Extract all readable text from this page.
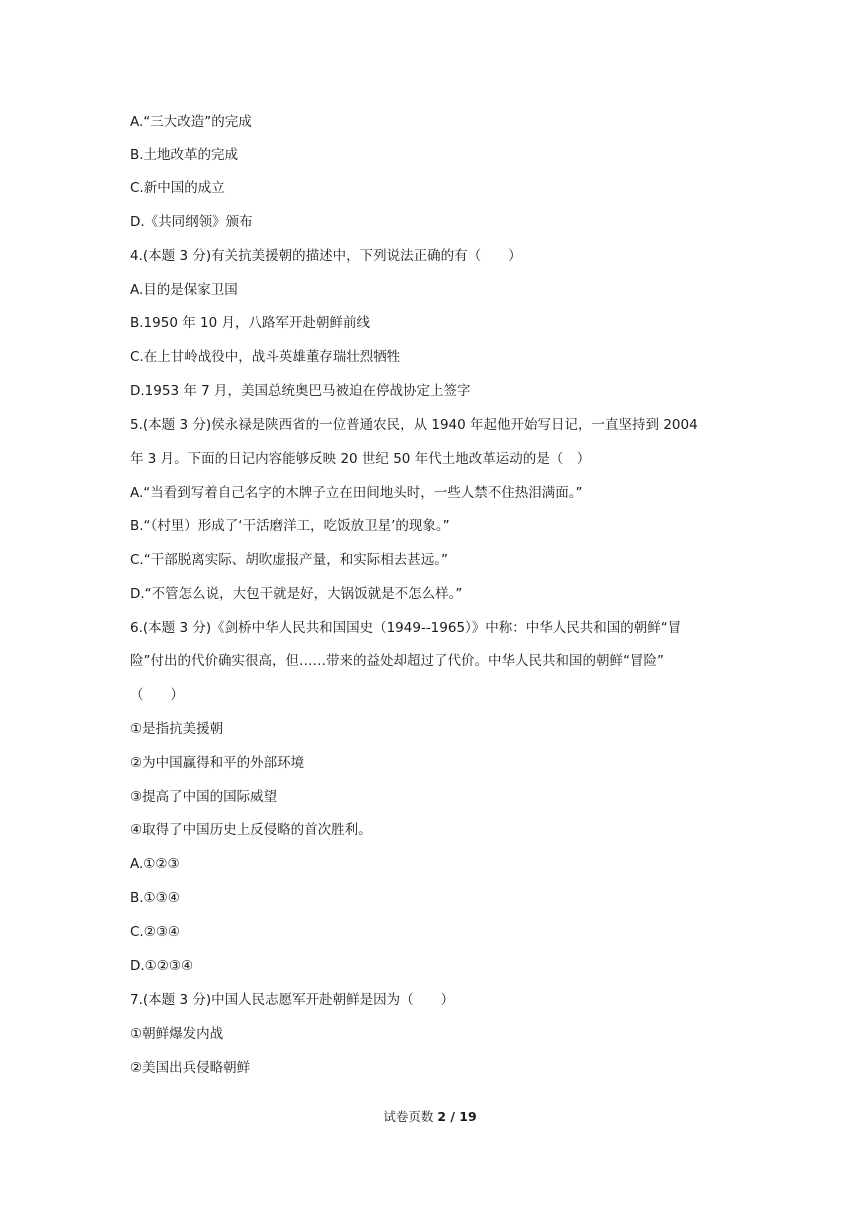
A.“三大改造”的完成
B.土地改革的完成
C.新中国的成立
D.《共同纲领》颁布
4.(本题 3 分)有关抗美援朝的描述中，下列说法正确的有（　　）
A.目的是保家卫国
B.1950 年 10 月，八路军开赴朝鲜前线
C.在上甘岭战役中，战斗英雄董存瑞壮烈牺牲
D.1953 年 7 月，美国总统奥巴马被迫在停战协定上签字
5.(本题 3 分)侯永禄是陕西省的一位普通农民，从 1940 年起他开始写日记，一直坚持到 2004
年 3 月。下面的日记内容能够反映 20 世纪 50 年代土地改革运动的是（　）
A.“当看到写着自己名字的木牌子立在田间地头时，一些人禁不住热泪满面。”
B.“（村里）形成了‘干活磨洋工，吃饭放卫星’的现象。”
C.“干部脱离实际、胡吹虚报产量，和实际相去甚远。”
D.“不管怎么说，大包干就是好，大锅饭就是不怎么样。”
6.(本题 3 分)《剑桥中华人民共和国国史（1949--1965）》中称：中华人民共和国的朝鲜“冒
险”付出的代价确实很高，但……带来的益处却超过了代价。中华人民共和国的朝鲜“冒险”
（　　）
①是指抗美援朝
②为中国赢得和平的外部环境
③提高了中国的国际威望
④取得了中国历史上反侵略的首次胜利。
A.①②③
B.①③④
C.②③④
D.①②③④
7.(本题 3 分)中国人民志愿军开赴朝鲜是因为（　　）
①朝鲜爆发内战
②美国出兵侵略朝鲜
试卷页数 2 / 19
